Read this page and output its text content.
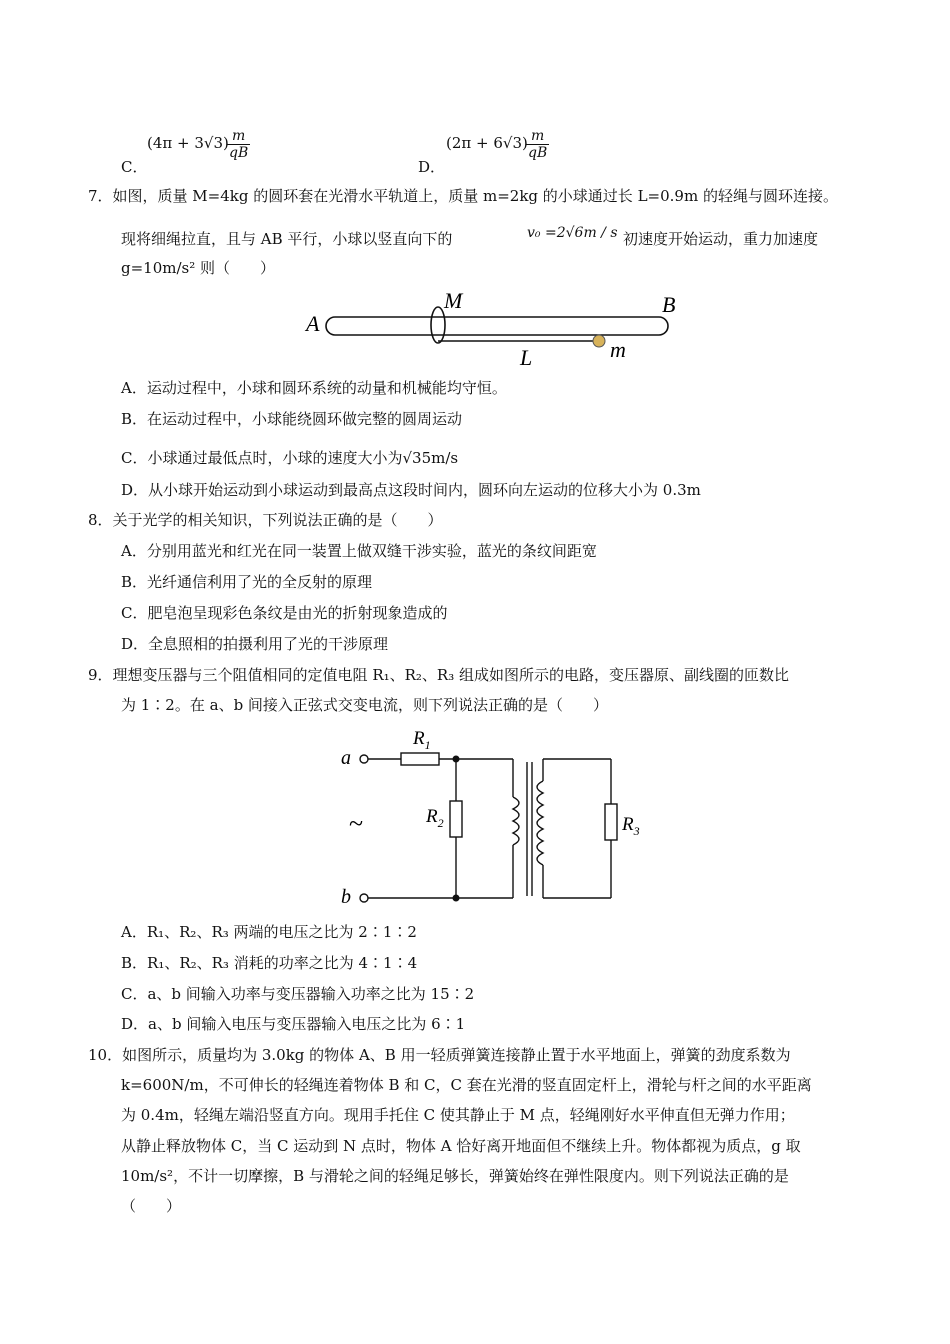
C．
(4π + 3√3)
$\frac{m}{qB}$
D．
(2π + 6√3)
$\frac{m}{qB}$
7．如图，质量 M=4kg 的圆环套在光滑水平轨道上，质量 m=2kg 的小球通过长 L=0.9m 的轻绳与圆环连接。
现将细绳拉直，且与 AB 平行，小球以竖直向下的	v₀ =2√6m / s 初速度开始运动，重力加速度
g=10m/s² 则（　　）
A
B
M
L	m
A．运动过程中，小球和圆环系统的动量和机械能均守恒。
B．在运动过程中，小球能绕圆环做完整的圆周运动
C．小球通过最低点时，小球的速度大小为√35m/s
D．从小球开始运动到小球运动到最高点这段时间内，圆环向左运动的位移大小为 0.3m
8．关于光学的相关知识，下列说法正确的是（　　）
A．分别用蓝光和红光在同一装置上做双缝干涉实验，蓝光的条纹间距宽
B．光纤通信利用了光的全反射的原理
C．肥皂泡呈现彩色条纹是由光的折射现象造成的
D．全息照相的拍摄利用了光的干涉原理
9．理想变压器与三个阻值相同的定值电阻 R₁、R₂、R₃ 组成如图所示的电路，变压器原、副线圈的匝数比
为 1∶2。在 a、b 间接入正弦式交变电流，则下列说法正确的是（　　）
a
b
~
$R_1$
$R_2$	$R_3$
A．R₁、R₂、R₃ 两端的电压之比为 2∶1∶2
B．R₁、R₂、R₃ 消耗的功率之比为 4∶1∶4
C．a、b 间输入功率与变压器输入功率之比为 15∶2
D．a、b 间输入电压与变压器输入电压之比为 6∶1
10．如图所示，质量均为 3.0kg 的物体 A、B 用一轻质弹簧连接静止置于水平地面上，弹簧的劲度系数为
k=600N/m，不可伸长的轻绳连着物体 B 和 C，C 套在光滑的竖直固定杆上，滑轮与杆之间的水平距离
为 0.4m，轻绳左端沿竖直方向。现用手托住 C 使其静止于 M 点，轻绳刚好水平伸直但无弹力作用；
从静止释放物体 C，当 C 运动到 N 点时，物体 A 恰好离开地面但不继续上升。物体都视为质点，g 取
10m/s²，不计一切摩擦，B 与滑轮之间的轻绳足够长，弹簧始终在弹性限度内。则下列说法正确的是
（　　）
